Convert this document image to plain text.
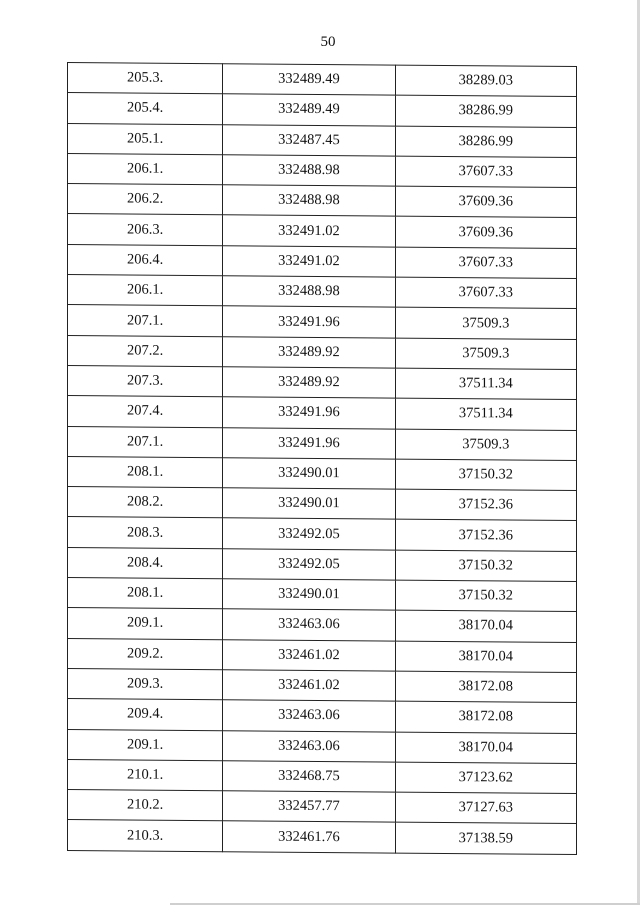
50
205.3.	332489.49	38289.03
205.4.	332489.49	38286.99
205.1.	332487.45	38286.99
206.1.	332488.98	37607.33
206.2.	332488.98	37609.36
206.3.	332491.02	37609.36
206.4.	332491.02	37607.33
206.1.	332488.98	37607.33
207.1.	332491.96	37509.3
207.2.	332489.92	37509.3
207.3.	332489.92	37511.34
207.4.	332491.96	37511.34
207.1.	332491.96	37509.3
208.1.	332490.01	37150.32
208.2.	332490.01	37152.36
208.3.	332492.05	37152.36
208.4.	332492.05	37150.32
208.1.	332490.01	37150.32
209.1.	332463.06	38170.04
209.2.	332461.02	38170.04
209.3.	332461.02	38172.08
209.4.	332463.06	38172.08
209.1.	332463.06	38170.04
210.1.	332468.75	37123.62
210.2.	332457.77	37127.63
210.3.	332461.76	37138.59
